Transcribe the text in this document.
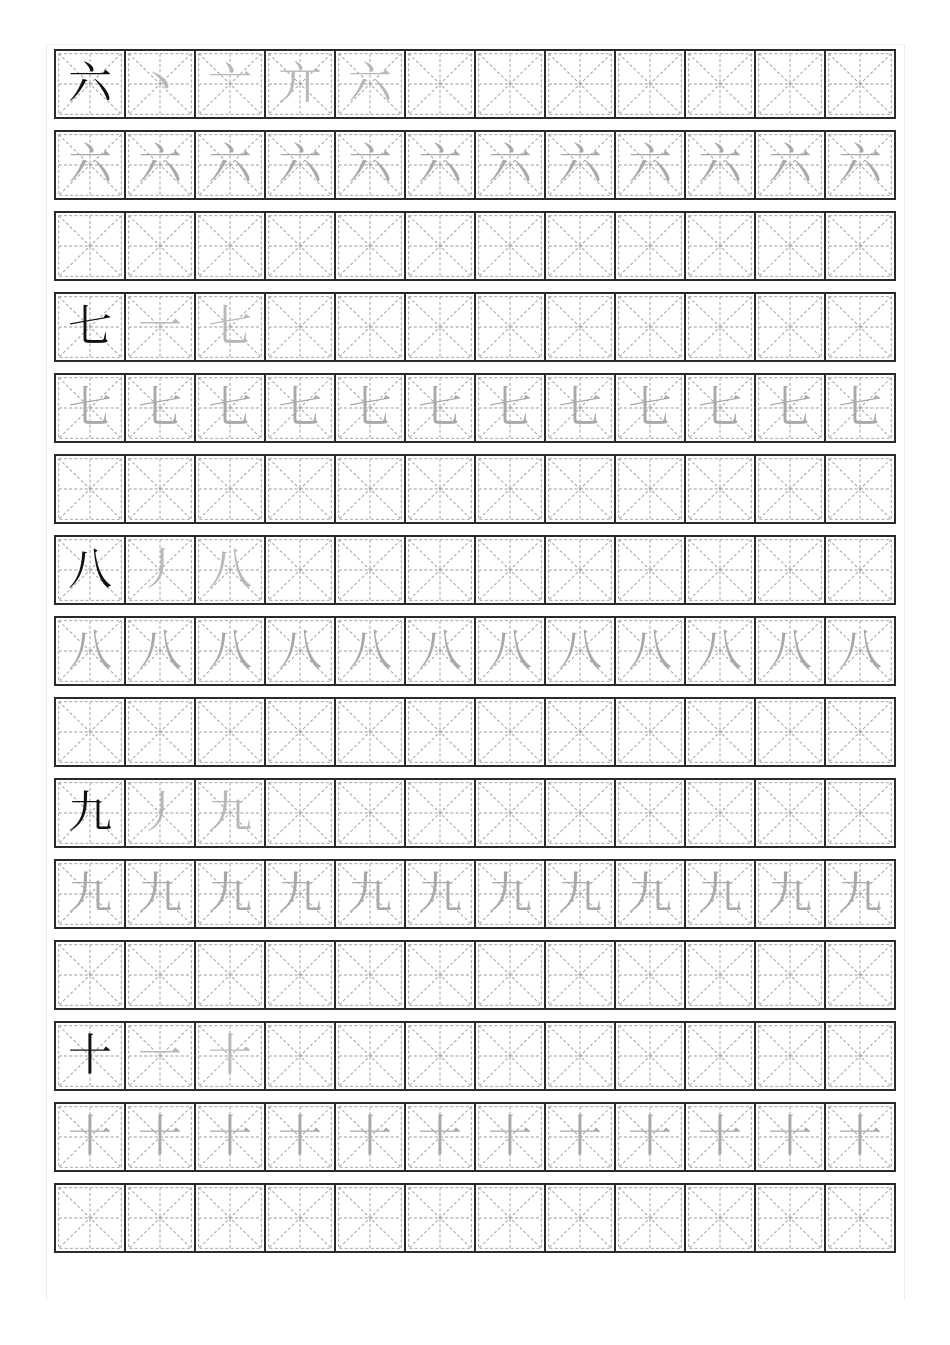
六 丶 亠 亣 六
六 六 六 六 六 六 六 六 六 六 六 六
七 一 七
七 七 七 七 七 七 七 七 七 七 七 七
八 丿 八
八 八 八 八 八 八 八 八 八 八 八 八
九 丿 九
九 九 九 九 九 九 九 九 九 九 九 九
十 一 十
十 十 十 十 十 十 十 十 十 十 十 十
